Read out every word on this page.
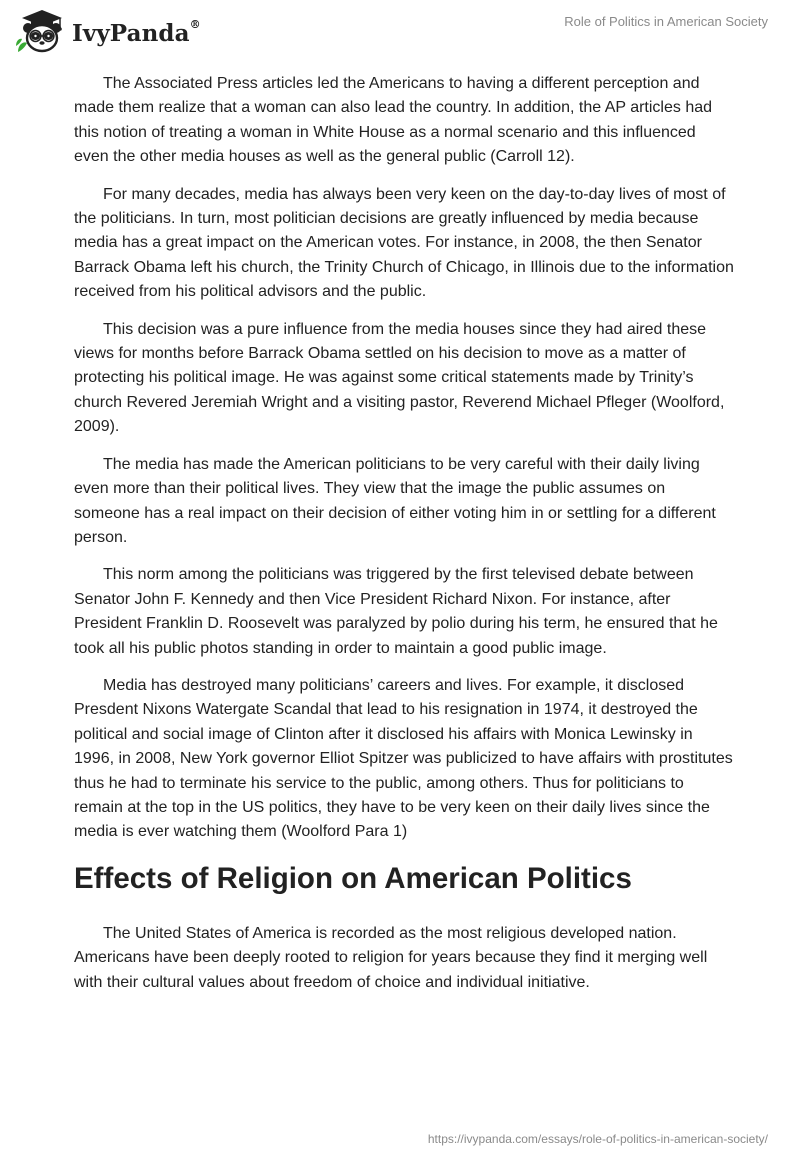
IvyPanda®	Role of Politics in American Society

The Associated Press articles led the Americans to having a different perception and made them realize that a woman can also lead the country. In addition, the AP articles had this notion of treating a woman in White House as a normal scenario and this influenced even the other media houses as well as the general public (Carroll 12).

For many decades, media has always been very keen on the day-to-day lives of most of the politicians. In turn, most politician decisions are greatly influenced by media because media has a great impact on the American votes. For instance, in 2008, the then Senator Barrack Obama left his church, the Trinity Church of Chicago, in Illinois due to the information received from his political advisors and the public.

This decision was a pure influence from the media houses since they had aired these views for months before Barrack Obama settled on his decision to move as a matter of protecting his political image. He was against some critical statements made by Trinity’s church Revered Jeremiah Wright and a visiting pastor, Reverend Michael Pfleger (Woolford, 2009).

The media has made the American politicians to be very careful with their daily living even more than their political lives. They view that the image the public assumes on someone has a real impact on their decision of either voting him in or settling for a different person.

This norm among the politicians was triggered by the first televised debate between Senator John F. Kennedy and then Vice President Richard Nixon. For instance, after President Franklin D. Roosevelt was paralyzed by polio during his term, he ensured that he took all his public photos standing in order to maintain a good public image.

Media has destroyed many politicians’ careers and lives. For example, it disclosed Presdent Nixons Watergate Scandal that lead to his resignation in 1974, it destroyed the political and social image of Clinton after it disclosed his affairs with Monica Lewinsky in 1996, in 2008, New York governor Elliot Spitzer was publicized to have affairs with prostitutes thus he had to terminate his service to the public, among others. Thus for politicians to remain at the top in the US politics, they have to be very keen on their daily lives since the media is ever watching them (Woolford Para 1)

Effects of Religion on American Politics

The United States of America is recorded as the most religious developed nation. Americans have been deeply rooted to religion for years because they find it merging well with their cultural values about freedom of choice and individual initiative.

https://ivypanda.com/essays/role-of-politics-in-american-society/
